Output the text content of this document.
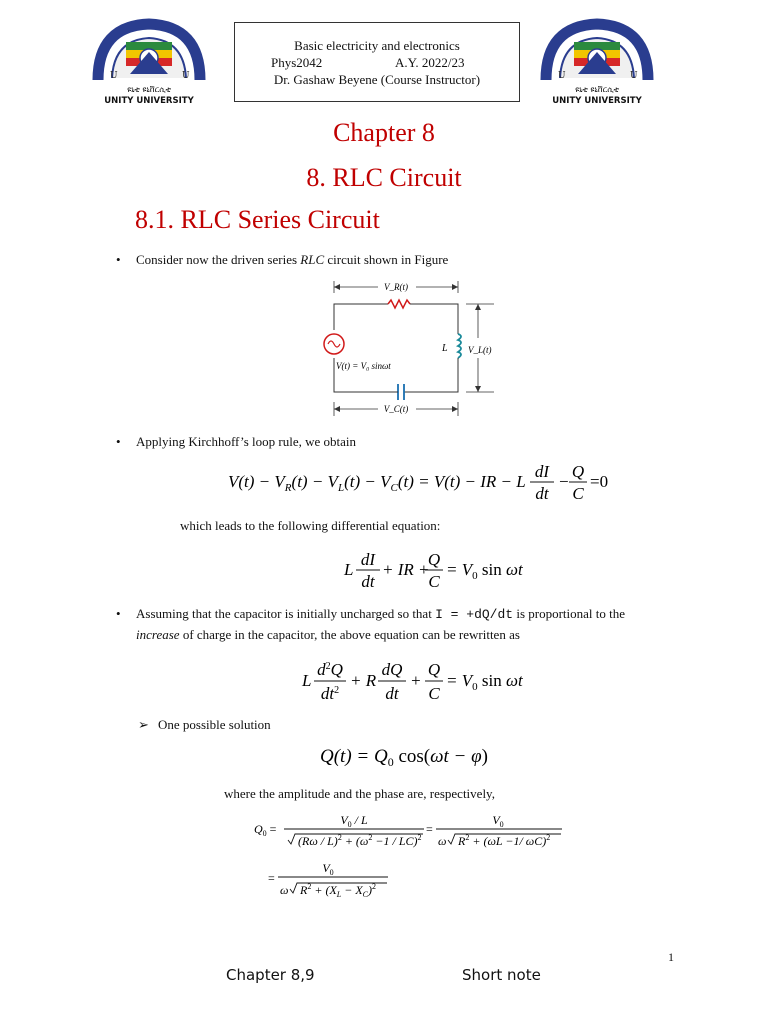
U	U
ዩኒቲ ዩኒቨርሲቲ
UNITY UNIVERSITY
U	U
ዩኒቲ ዩኒቨርሲቲ
UNITY UNIVERSITY
Basic electricity and electronics
Phys2042	A.Y. 2022/23
Dr. Gashaw Beyene (Course Instructor)
Chapter 8
8. RLC Circuit
8.1. RLC Series Circuit
• Consider now the driven series RLC circuit shown in Figure
V_R(t)
V(t) = V₀ sinωt
L V_L(t)
V_C(t)
• Applying Kirchhoff’s loop rule, we obtain
$V(t) - V_R(t) - V_L(t) - V_C(t) = V(t)$ − IR − L
dI
dt
−
Q
C
=0
which leads to the following differential equation:
L
dI
dt
+ IR +
Q
C
= $V_0$ sin ωt
• Assuming that the capacitor is initially uncharged so that I = +dQ/dt is proportional to the
increase of charge in the capacitor, the above equation can be rewritten as
L
$d^2Q$
$dt^2$
+ R
dQ
dt
+
Q
C
= $V_0$ sin ωt
➢ One possible solution
$Q(t) = Q_0$ cos(ωt − φ)
where the amplitude and the phase are, respectively,
$Q_0$ =
$V_0$ / L
$(R\omega / L)^2 + (\omega^2 -1 / LC)^2$
=
$V_0$
ω $R^2 + (\omega L -1/$ ωC)$^2$
=
$V_0$
ω $R^2 + (X_L - X_C)^2$
1
Chapter 8,9	Short note
